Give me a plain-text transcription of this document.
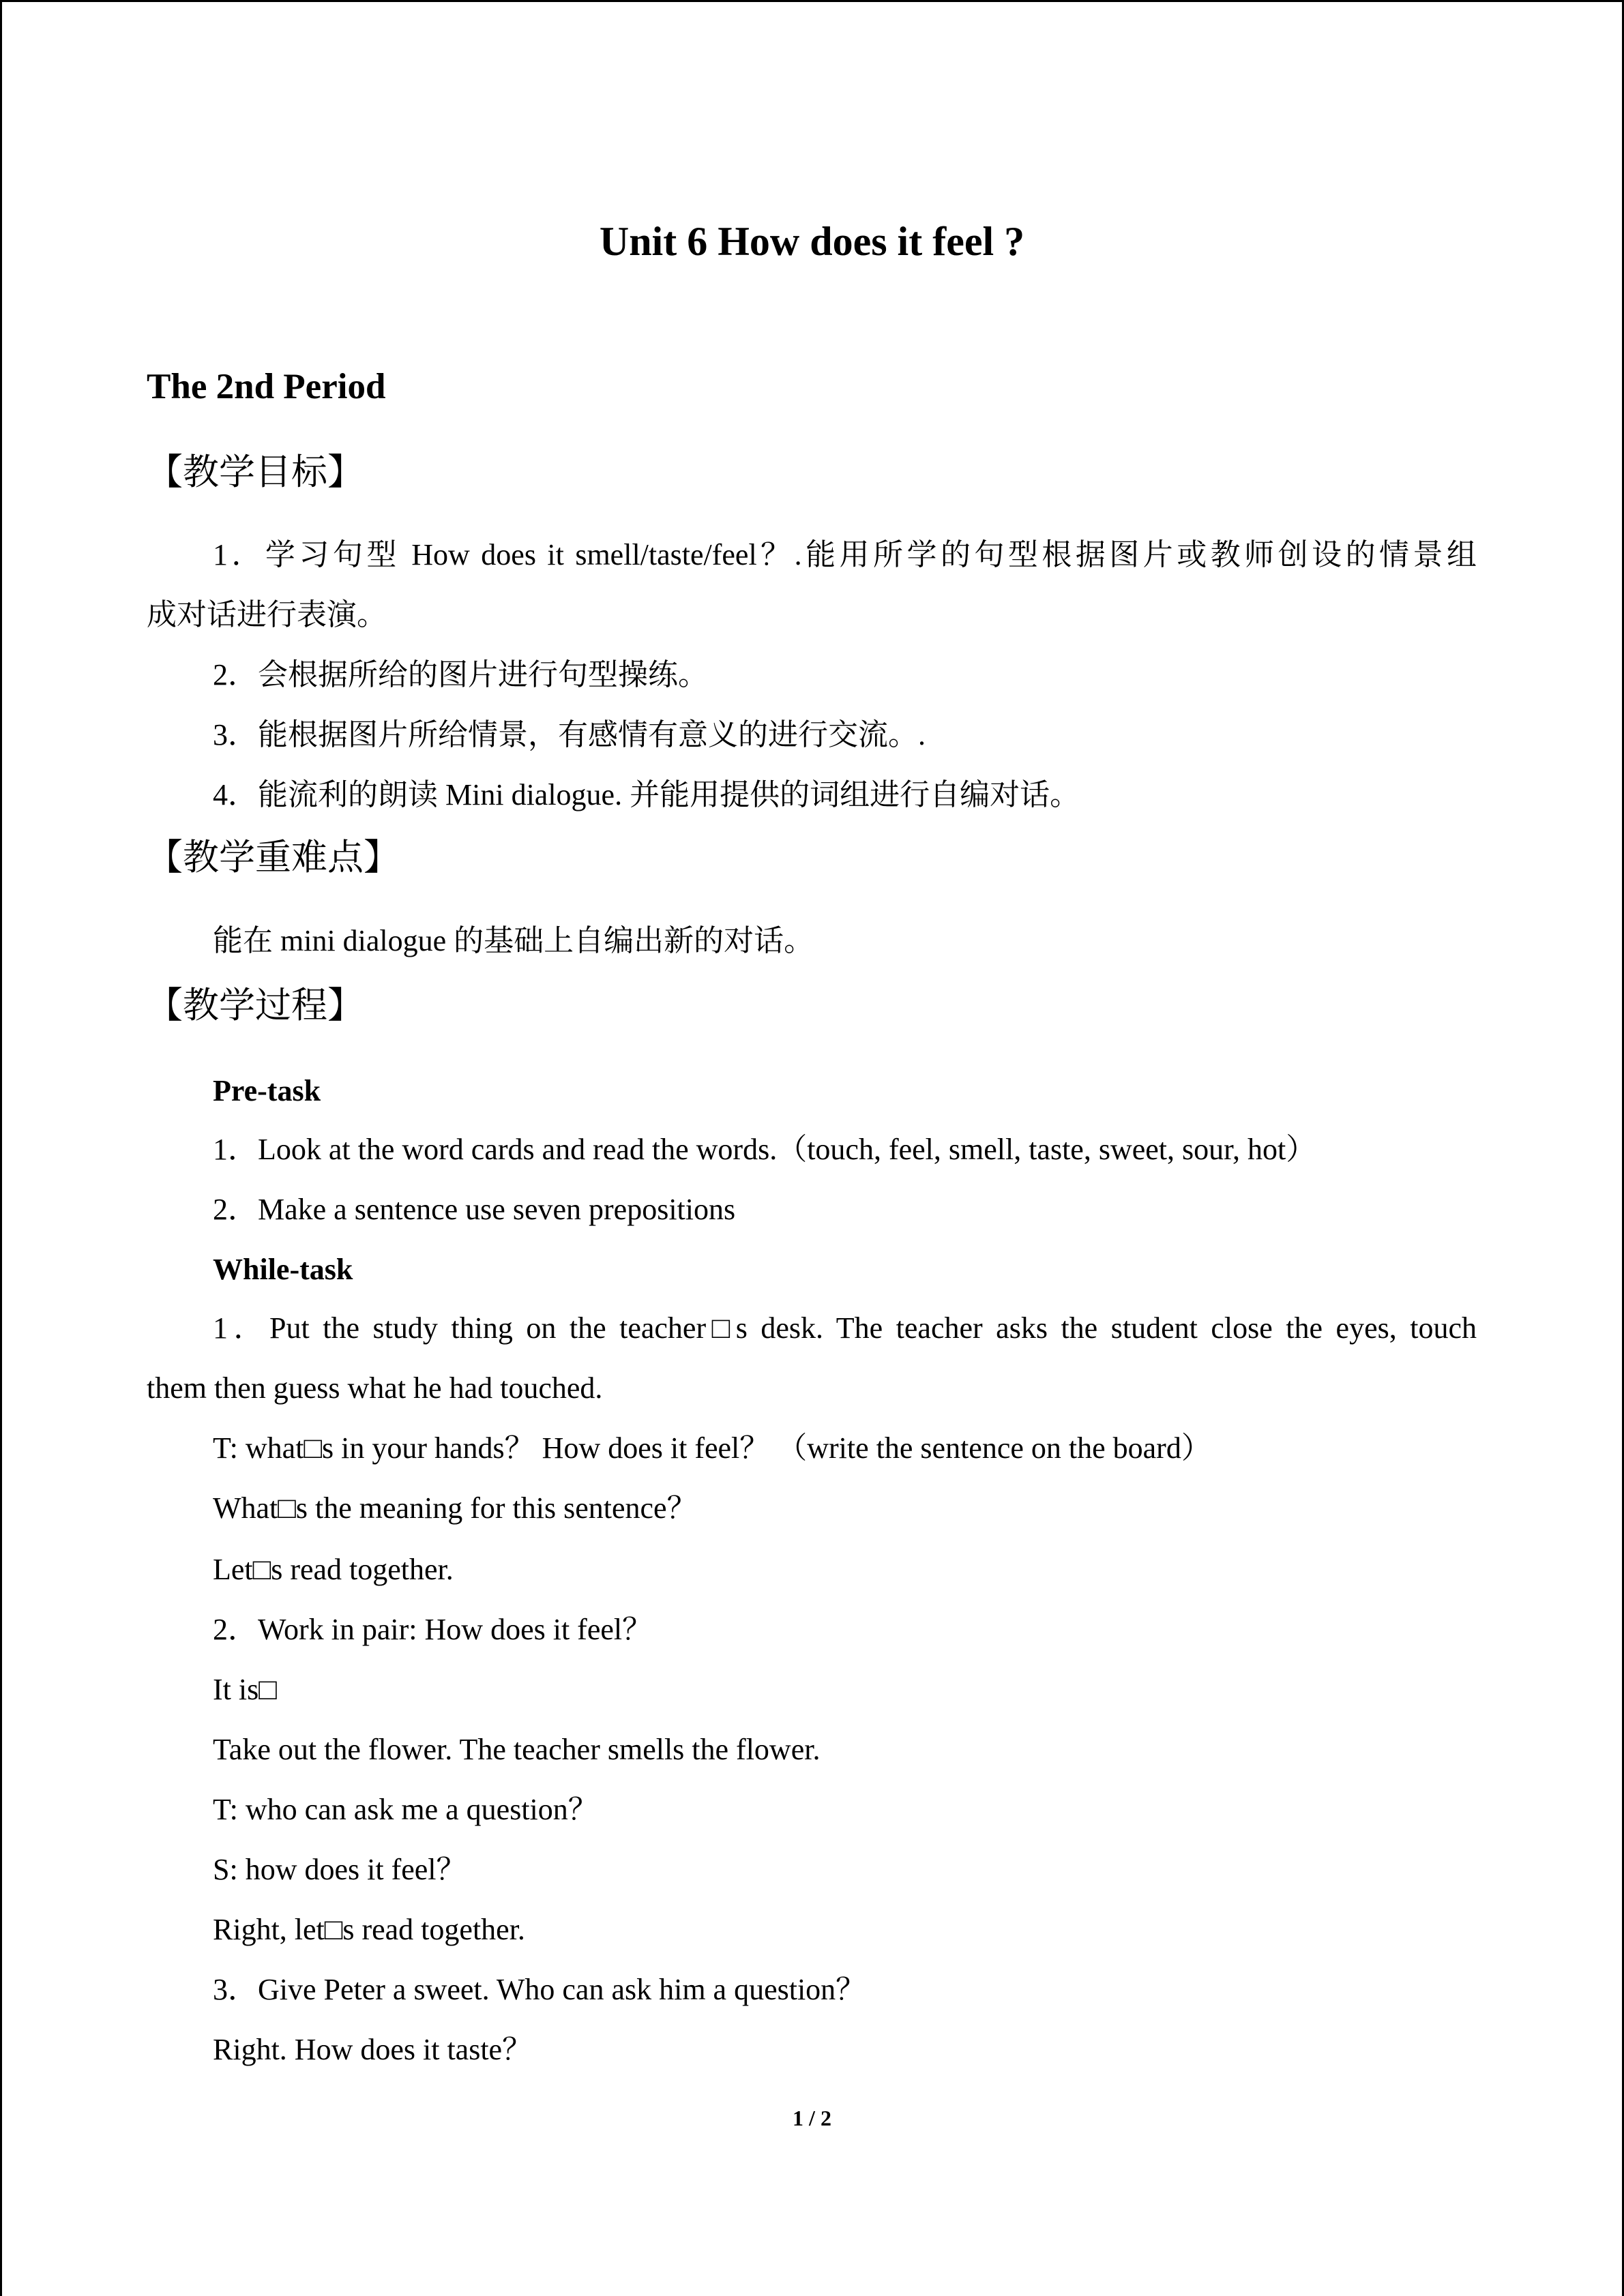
Unit 6 How does it feel ?
The 2nd Period
【教学目标】
1．学习句型 How does it smell/taste/feel？.能用所学的句型根据图片或教师创设的情景组
成对话进行表演。
2．会根据所给的图片进行句型操练。
3．能根据图片所给情景，有感情有意义的进行交流。.
4．能流利的朗读 Mini dialogue. 并能用提供的词组进行自编对话。
【教学重难点】
能在 mini dialogue 的基础上自编出新的对话。
【教学过程】
Pre-task
1．Look at the word cards and read the words.（touch, feel, smell, taste, sweet, sour, hot）
2．Make a sentence use seven prepositions
While-task
1．Put the study thing on the teacher□s desk. The teacher asks the student close the eyes, touch
them then guess what he had touched.
T: what□s in your hands？ How does it feel？ （write the sentence on the board）
What□s the meaning for this sentence？
Let□s read together.
2．Work in pair: How does it feel？
It is□
Take out the flower. The teacher smells the flower.
T: who can ask me a question？
S: how does it feel？
Right, let□s read together.
3．Give Peter a sweet. Who can ask him a question？
Right. How does it taste？
1 / 2
